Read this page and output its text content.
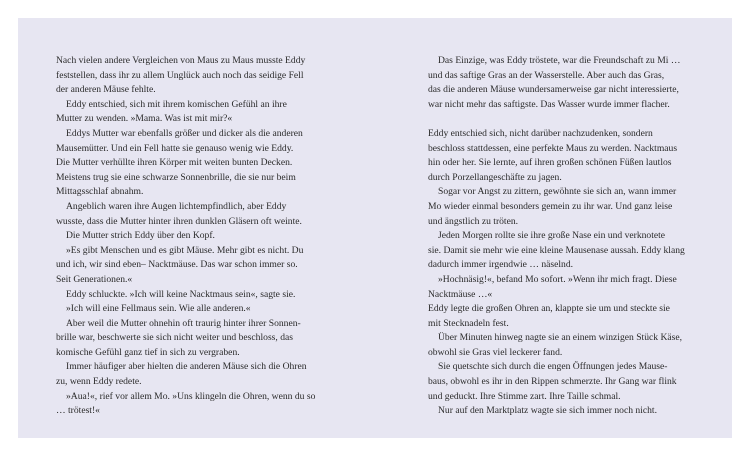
Nach vielen andere Vergleichen von Maus zu Maus musste Eddy
feststellen, dass ihr zu allem Unglück auch noch das seidige Fell
der anderen Mäuse fehlte.
Eddy entschied, sich mit ihrem komischen Gefühl an ihre
Mutter zu wenden. »Mama. Was ist mit mir?«
Eddys Mutter war ebenfalls größer und dicker als die anderen
Mausemütter. Und ein Fell hatte sie genauso wenig wie Eddy.
Die Mutter verhüllte ihren Körper mit weiten bunten Decken.
Meistens trug sie eine schwarze Sonnenbrille, die sie nur beim
Mittagsschlaf abnahm.
Angeblich waren ihre Augen lichtempfindlich, aber Eddy
wusste, dass die Mutter hinter ihren dunklen Gläsern oft weinte.
Die Mutter strich Eddy über den Kopf.
»Es gibt Menschen und es gibt Mäuse. Mehr gibt es nicht. Du
und ich, wir sind eben– Nacktmäuse. Das war schon immer so.
Seit Generationen.«
Eddy schluckte. »Ich will keine Nacktmaus sein«, sagte sie.
»Ich will eine Fellmaus sein. Wie alle anderen.«
Aber weil die Mutter ohnehin oft traurig hinter ihrer Sonnen-
brille war, beschwerte sie sich nicht weiter und beschloss, das
komische Gefühl ganz tief in sich zu vergraben.
Immer häufiger aber hielten die anderen Mäuse sich die Ohren
zu, wenn Eddy redete.
»Aua!«, rief vor allem Mo. »Uns klingeln die Ohren, wenn du so
… trötest!«
Das Einzige, was Eddy tröstete, war die Freundschaft zu Mi …
und das saftige Gras an der Wasserstelle. Aber auch das Gras,
das die anderen Mäuse wundersamerweise gar nicht interessierte,
war nicht mehr das saftigste. Das Wasser wurde immer flacher.
Eddy entschied sich, nicht darüber nachzudenken, sondern
beschloss stattdessen, eine perfekte Maus zu werden. Nacktmaus
hin oder her. Sie lernte, auf ihren großen schönen Füßen lautlos
durch Porzellangeschäfte zu jagen.
Sogar vor Angst zu zittern, gewöhnte sie sich an, wann immer
Mo wieder einmal besonders gemein zu ihr war. Und ganz leise
und ängstlich zu tröten.
Jeden Morgen rollte sie ihre große Nase ein und verknotete
sie. Damit sie mehr wie eine kleine Mausenase aussah. Eddy klang
dadurch immer irgendwie … näselnd.
»Hochnäsig!«, befand Mo sofort. »Wenn ihr mich fragt. Diese
Nacktmäuse …«
Eddy legte die großen Ohren an, klappte sie um und steckte sie
mit Stecknadeln fest.
Über Minuten hinweg nagte sie an einem winzigen Stück Käse,
obwohl sie Gras viel leckerer fand.
Sie quetschte sich durch die engen Öffnungen jedes Mause-
baus, obwohl es ihr in den Rippen schmerzte. Ihr Gang war flink
und geduckt. Ihre Stimme zart. Ihre Taille schmal.
Nur auf den Marktplatz wagte sie sich immer noch nicht.
